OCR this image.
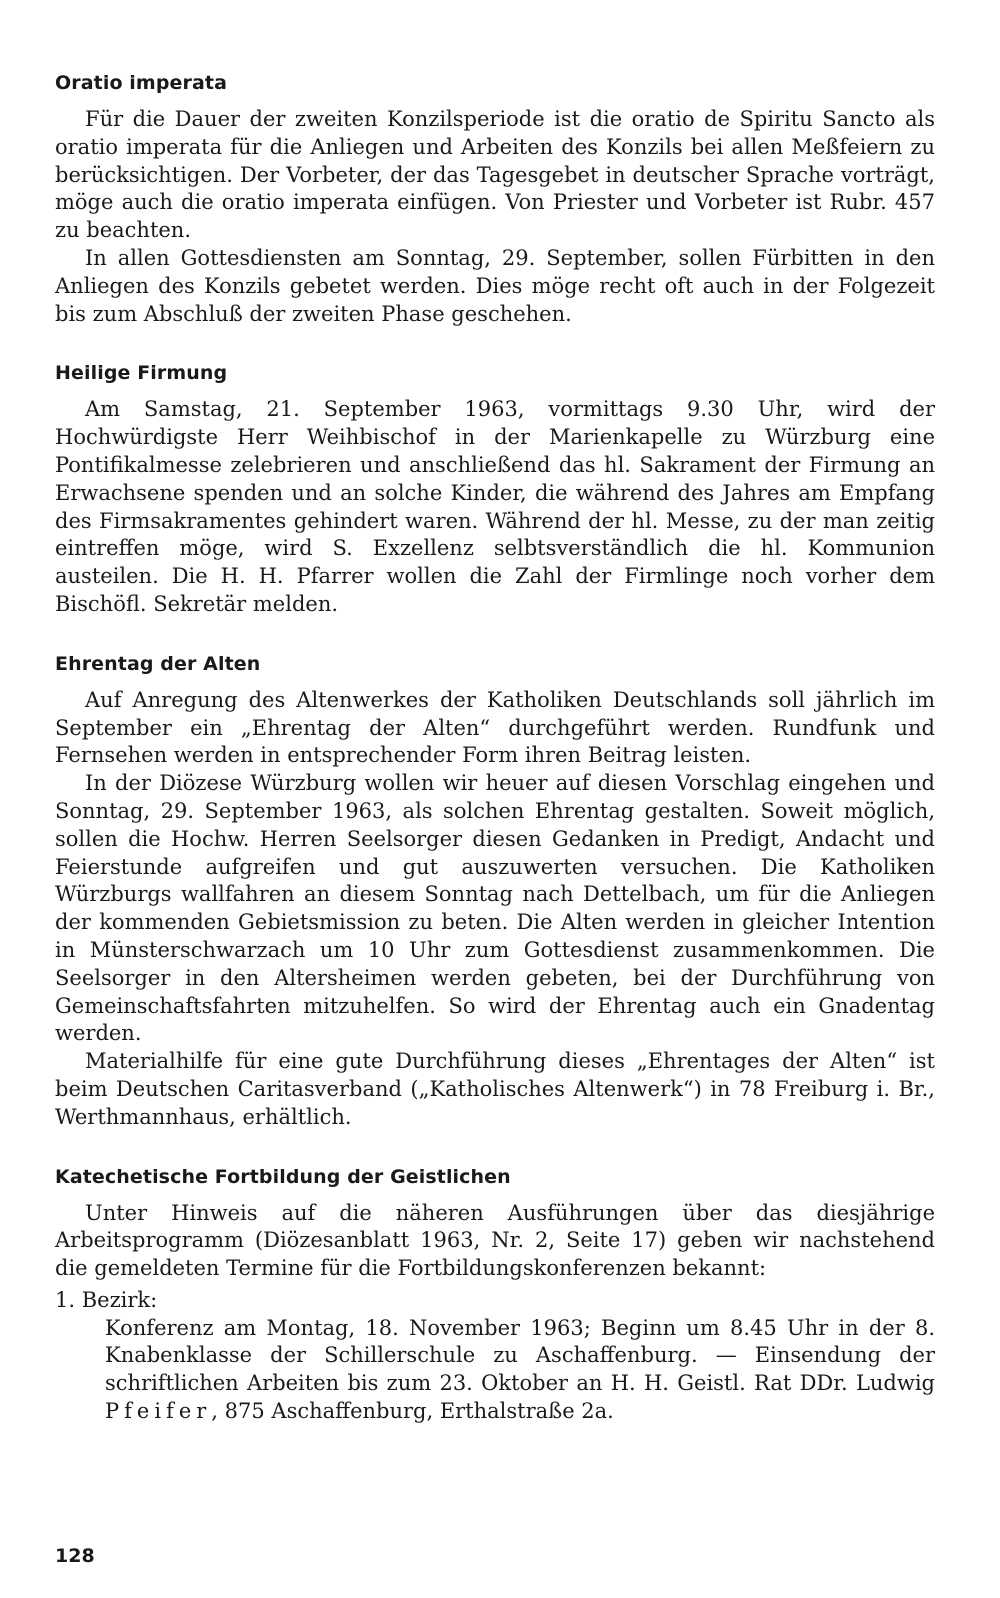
Oratio imperata

Für die Dauer der zweiten Konzilsperiode ist die oratio de Spiritu Sancto als oratio imperata für die Anliegen und Arbeiten des Konzils bei allen Meßfeiern zu berücksichtigen. Der Vorbeter, der das Tagesgebet in deutscher Sprache vorträgt, möge auch die oratio imperata einfügen. Von Priester und Vorbeter ist Rubr. 457 zu beachten.

In allen Gottesdiensten am Sonntag, 29. September, sollen Fürbitten in den Anliegen des Konzils gebetet werden. Dies möge recht oft auch in der Folgezeit bis zum Abschluß der zweiten Phase geschehen.

Heilige Firmung

Am Samstag, 21. September 1963, vormittags 9.30 Uhr, wird der Hochwürdigste Herr Weihbischof in der Marienkapelle zu Würzburg eine Pontifikalmesse zelebrieren und anschließend das hl. Sakrament der Firmung an Erwachsene spenden und an solche Kinder, die während des Jahres am Empfang des Firmsakramentes gehindert waren. Während der hl. Messe, zu der man zeitig eintreffen möge, wird S. Exzellenz selbtsverständlich die hl. Kommunion austeilen. Die H. H. Pfarrer wollen die Zahl der Firmlinge noch vorher dem Bischöfl. Sekretär melden.

Ehrentag der Alten

Auf Anregung des Altenwerkes der Katholiken Deutschlands soll jährlich im September ein „Ehrentag der Alten“ durchgeführt werden. Rundfunk und Fernsehen werden in entsprechender Form ihren Beitrag leisten.

In der Diözese Würzburg wollen wir heuer auf diesen Vorschlag eingehen und Sonntag, 29. September 1963, als solchen Ehrentag gestalten. Soweit möglich, sollen die Hochw. Herren Seelsorger diesen Gedanken in Predigt, Andacht und Feierstunde aufgreifen und gut auszuwerten versuchen. Die Katholiken Würzburgs wallfahren an diesem Sonntag nach Dettelbach, um für die Anliegen der kommenden Gebietsmission zu beten. Die Alten werden in gleicher Intention in Münsterschwarzach um 10 Uhr zum Gottesdienst zusammenkommen. Die Seelsorger in den Altersheimen werden gebeten, bei der Durchführung von Gemeinschaftsfahrten mitzuhelfen. So wird der Ehrentag auch ein Gnadentag werden.

Materialhilfe für eine gute Durchführung dieses „Ehrentages der Alten“ ist beim Deutschen Caritasverband („Katholisches Altenwerk“) in 78 Freiburg i. Br., Werthmannhaus, erhältlich.

Katechetische Fortbildung der Geistlichen

Unter Hinweis auf die näheren Ausführungen über das diesjährige Arbeitsprogramm (Diözesanblatt 1963, Nr. 2, Seite 17) geben wir nachstehend die gemeldeten Termine für die Fortbildungskonferenzen bekannt:

1. Bezirk:
Konferenz am Montag, 18. November 1963; Beginn um 8.45 Uhr in der 8. Knabenklasse der Schillerschule zu Aschaffenburg. — Einsendung der schriftlichen Arbeiten bis zum 23. Oktober an H. H. Geistl. Rat DDr. Ludwig Pfeifer, 875 Aschaffenburg, Erthalstraße 2a.
128
